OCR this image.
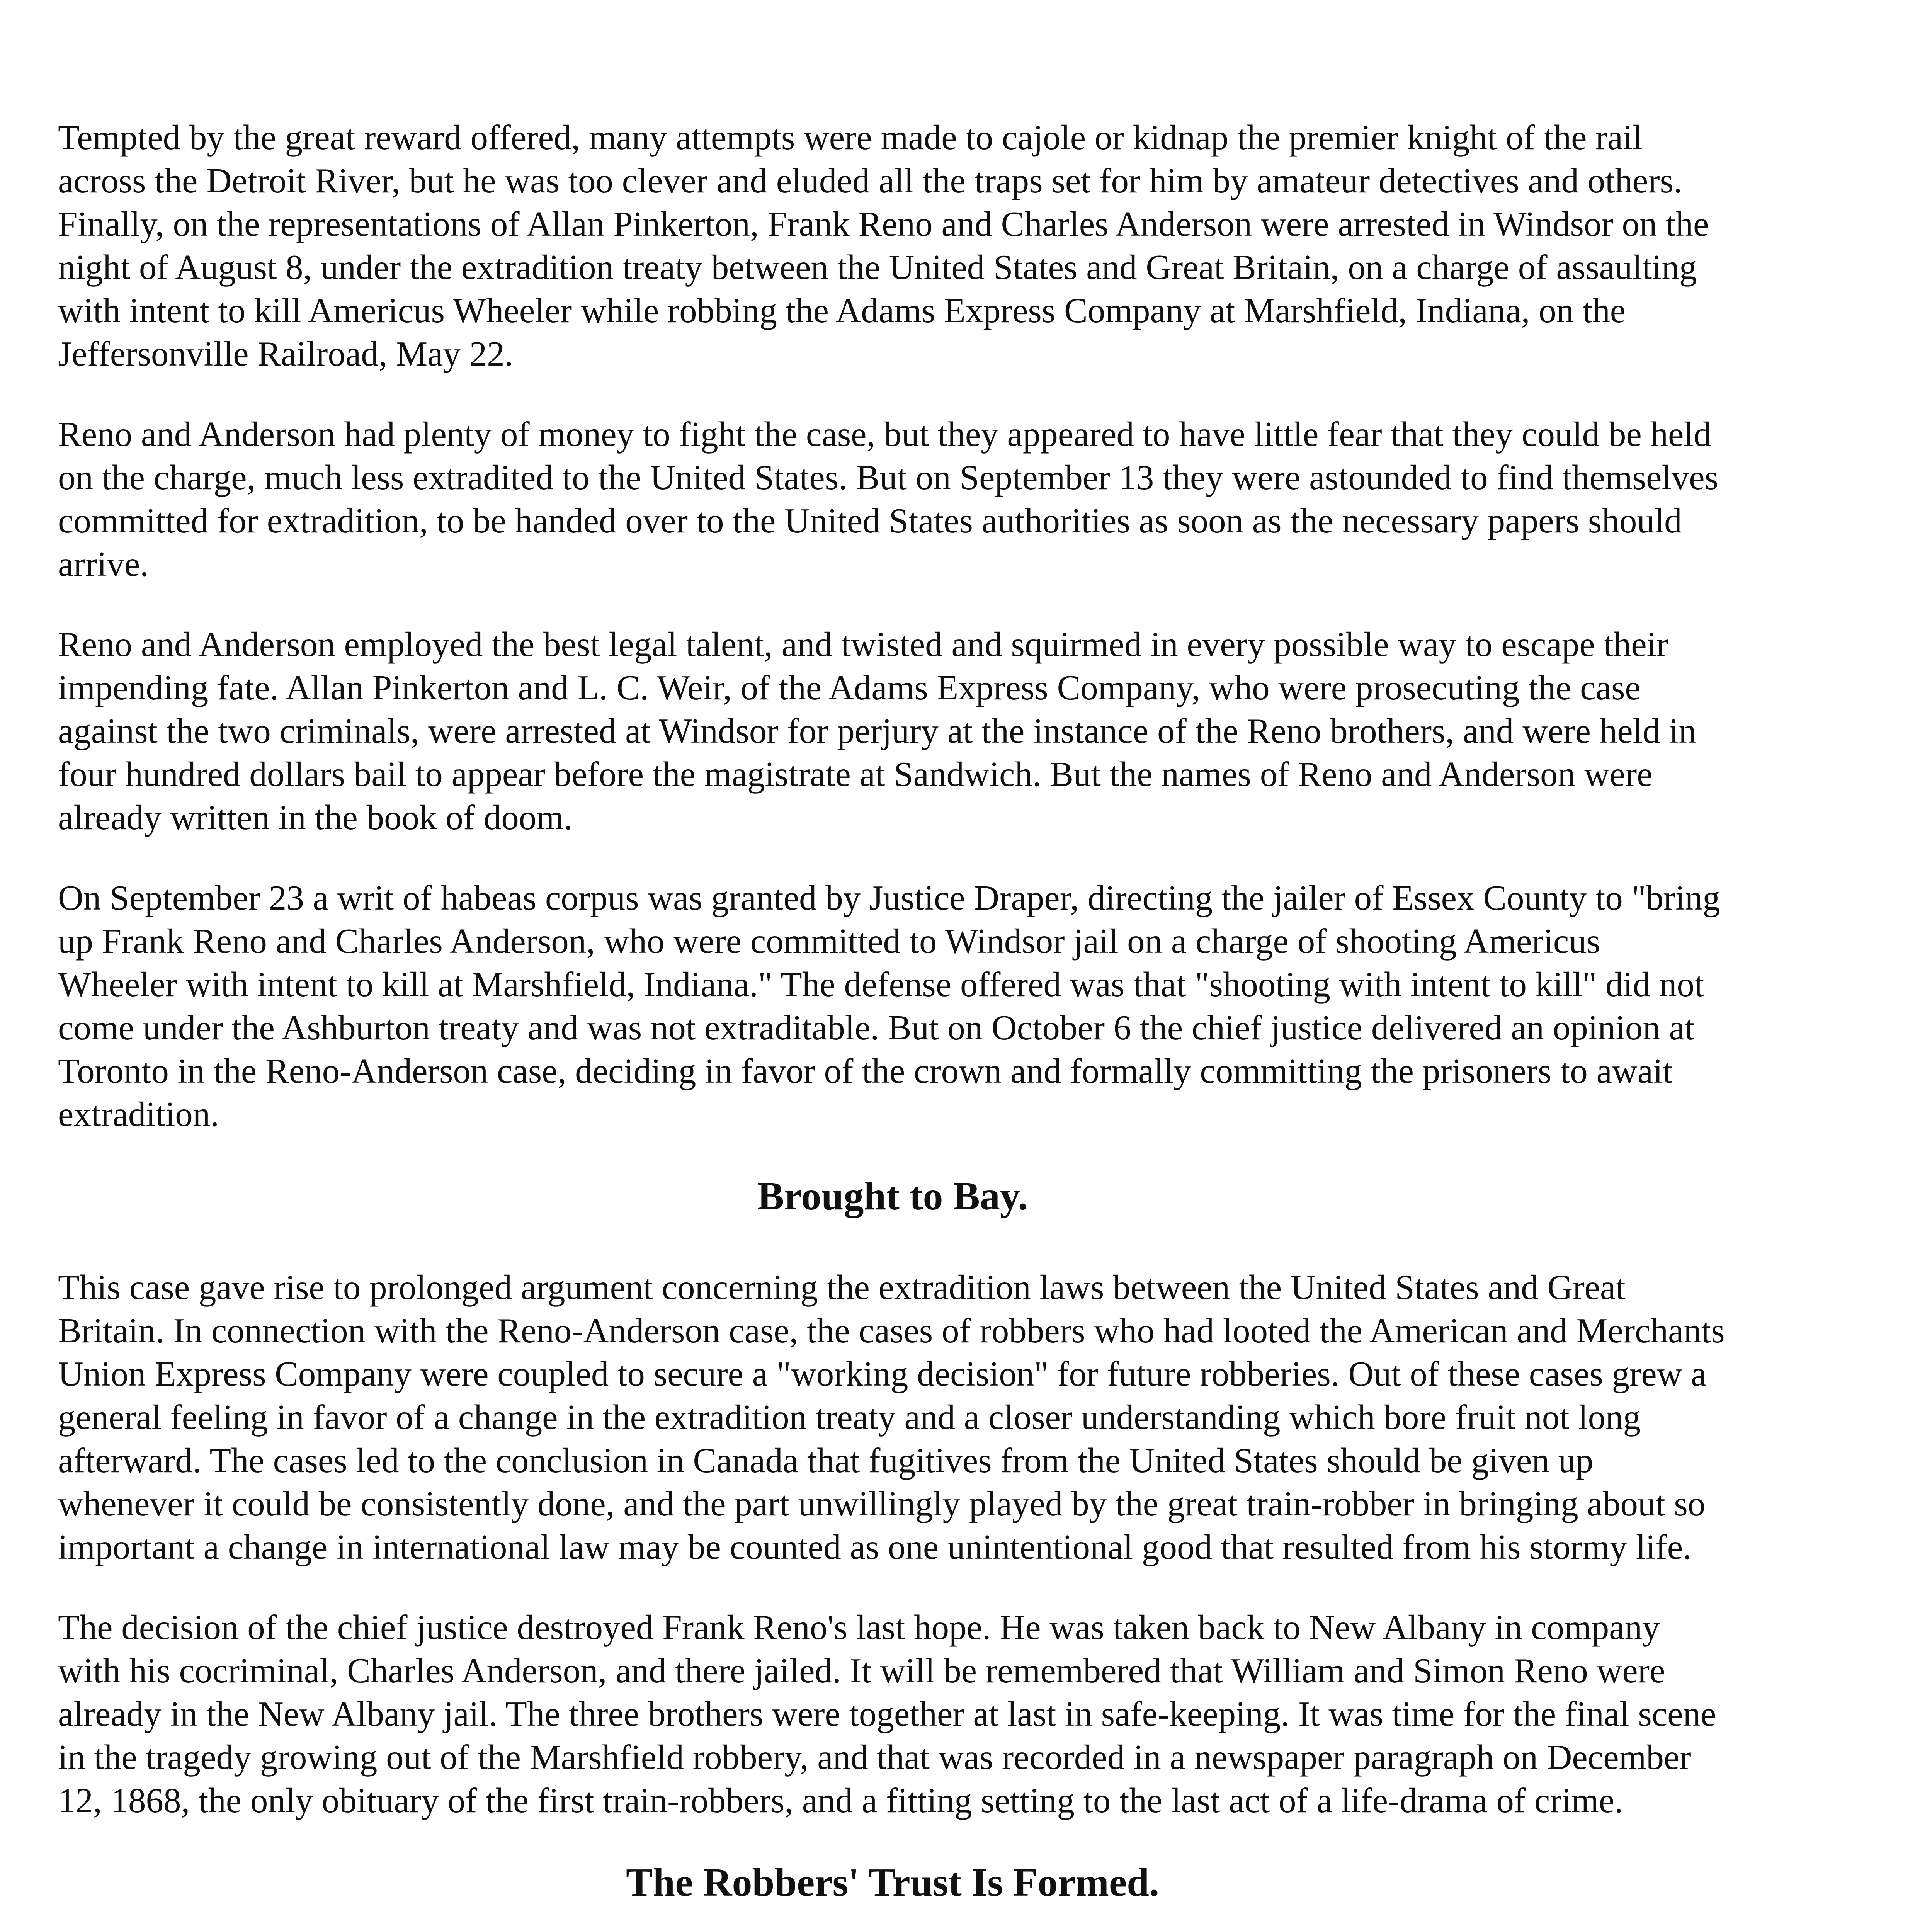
Tempted by the great reward offered, many attempts were made to cajole or kidnap the premier knight of the rail across the Detroit River, but he was too clever and eluded all the traps set for him by amateur detectives and others. Finally, on the representations of Allan Pinkerton, Frank Reno and Charles Anderson were arrested in Windsor on the night of August 8, under the extradition treaty between the United States and Great Britain, on a charge of assaulting with intent to kill Americus Wheeler while robbing the Adams Express Company at Marshfield, Indiana, on the Jeffersonville Railroad, May 22.

Reno and Anderson had plenty of money to fight the case, but they appeared to have little fear that they could be held on the charge, much less extradited to the United States. But on September 13 they were astounded to find themselves committed for extradition, to be handed over to the United States authorities as soon as the necessary papers should arrive.

Reno and Anderson employed the best legal talent, and twisted and squirmed in every possible way to escape their impending fate. Allan Pinkerton and L. C. Weir, of the Adams Express Company, who were prosecuting the case against the two criminals, were arrested at Windsor for perjury at the instance of the Reno brothers, and were held in four hundred dollars bail to appear before the magistrate at Sandwich. But the names of Reno and Anderson were already written in the book of doom.

On September 23 a writ of habeas corpus was granted by Justice Draper, directing the jailer of Essex County to "bring up Frank Reno and Charles Anderson, who were committed to Windsor jail on a charge of shooting Americus Wheeler with intent to kill at Marshfield, Indiana." The defense offered was that "shooting with intent to kill" did not come under the Ashburton treaty and was not extraditable. But on October 6 the chief justice delivered an opinion at Toronto in the Reno-Anderson case, deciding in favor of the crown and formally committing the prisoners to await extradition.

Brought to Bay.

This case gave rise to prolonged argument concerning the extradition laws between the United States and Great Britain. In connection with the Reno-Anderson case, the cases of robbers who had looted the American and Merchants Union Express Company were coupled to secure a "working decision" for future robberies. Out of these cases grew a general feeling in favor of a change in the extradition treaty and a closer understanding which bore fruit not long afterward. The cases led to the conclusion in Canada that fugitives from the United States should be given up whenever it could be consistently done, and the part unwillingly played by the great train-robber in bringing about so important a change in international law may be counted as one unintentional good that resulted from his stormy life.

The decision of the chief justice destroyed Frank Reno's last hope. He was taken back to New Albany in company with his cocriminal, Charles Anderson, and there jailed. It will be remembered that William and Simon Reno were already in the New Albany jail. The three brothers were together at last in safe-keeping. It was time for the final scene in the tragedy growing out of the Marshfield robbery, and that was recorded in a newspaper paragraph on December 12, 1868, the only obituary of the first train-robbers, and a fitting setting to the last act of a life-drama of crime.

The Robbers' Trust Is Formed.
